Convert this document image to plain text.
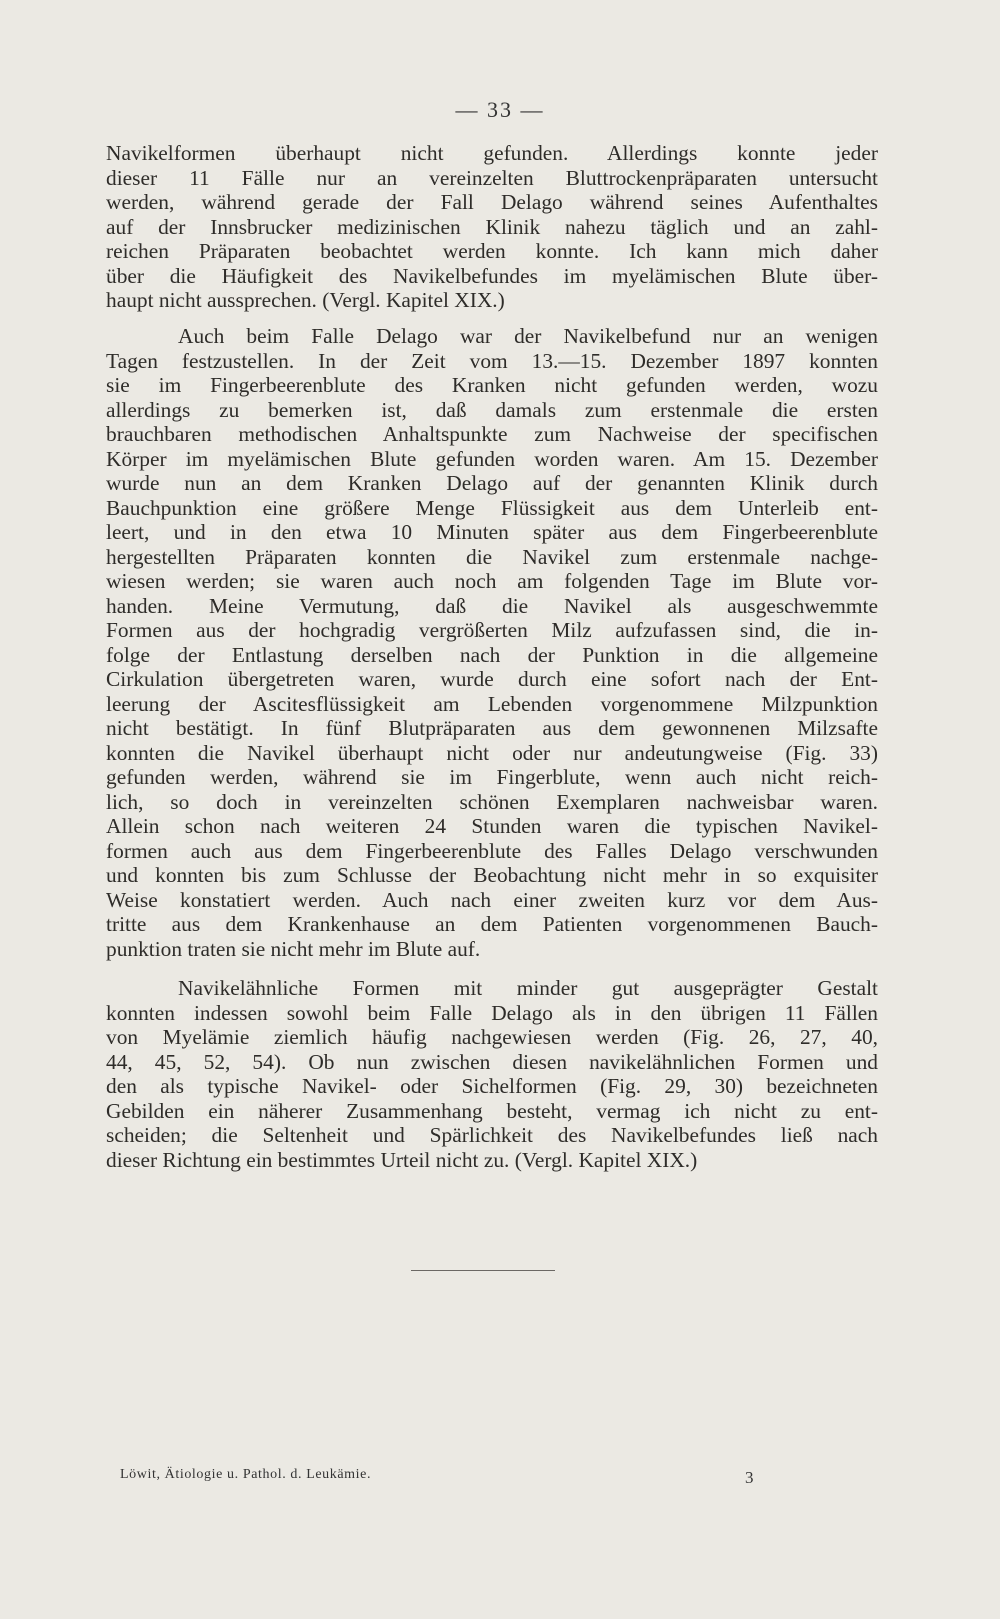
— 33 —
Navikelformen überhaupt nicht gefunden. Allerdings konnte jeder
dieser 11 Fälle nur an vereinzelten Bluttrockenpräparaten untersucht
werden, während gerade der Fall Delago während seines Aufenthaltes
auf der Innsbrucker medizinischen Klinik nahezu täglich und an zahl-
reichen Präparaten beobachtet werden konnte. Ich kann mich daher
über die Häufigkeit des Navikelbefundes im myelämischen Blute über-
haupt nicht aussprechen. (Vergl. Kapitel XIX.)
Auch beim Falle Delago war der Navikelbefund nur an wenigen
Tagen festzustellen. In der Zeit vom 13.—15. Dezember 1897 konnten
sie im Fingerbeerenblute des Kranken nicht gefunden werden, wozu
allerdings zu bemerken ist, daß damals zum erstenmale die ersten
brauchbaren methodischen Anhaltspunkte zum Nachweise der specifischen
Körper im myelämischen Blute gefunden worden waren. Am 15. Dezember
wurde nun an dem Kranken Delago auf der genannten Klinik durch
Bauchpunktion eine größere Menge Flüssigkeit aus dem Unterleib ent-
leert, und in den etwa 10 Minuten später aus dem Fingerbeerenblute
hergestellten Präparaten konnten die Navikel zum erstenmale nachge-
wiesen werden; sie waren auch noch am folgenden Tage im Blute vor-
handen. Meine Vermutung, daß die Navikel als ausgeschwemmte
Formen aus der hochgradig vergrößerten Milz aufzufassen sind, die in-
folge der Entlastung derselben nach der Punktion in die allgemeine
Cirkulation übergetreten waren, wurde durch eine sofort nach der Ent-
leerung der Ascitesflüssigkeit am Lebenden vorgenommene Milzpunktion
nicht bestätigt. In fünf Blutpräparaten aus dem gewonnenen Milzsafte
konnten die Navikel überhaupt nicht oder nur andeutungweise (Fig. 33)
gefunden werden, während sie im Fingerblute, wenn auch nicht reich-
lich, so doch in vereinzelten schönen Exemplaren nachweisbar waren.
Allein schon nach weiteren 24 Stunden waren die typischen Navikel-
formen auch aus dem Fingerbeerenblute des Falles Delago verschwunden
und konnten bis zum Schlusse der Beobachtung nicht mehr in so exquisiter
Weise konstatiert werden. Auch nach einer zweiten kurz vor dem Aus-
tritte aus dem Krankenhause an dem Patienten vorgenommenen Bauch-
punktion traten sie nicht mehr im Blute auf.
Navikelähnliche Formen mit minder gut ausgeprägter Gestalt
konnten indessen sowohl beim Falle Delago als in den übrigen 11 Fällen
von Myelämie ziemlich häufig nachgewiesen werden (Fig. 26, 27, 40,
44, 45, 52, 54). Ob nun zwischen diesen navikelähnlichen Formen und
den als typische Navikel- oder Sichelformen (Fig. 29, 30) bezeichneten
Gebilden ein näherer Zusammenhang besteht, vermag ich nicht zu ent-
scheiden; die Seltenheit und Spärlichkeit des Navikelbefundes ließ nach
dieser Richtung ein bestimmtes Urteil nicht zu. (Vergl. Kapitel XIX.)
Löwit, Ätiologie u. Pathol. d. Leukämie.	3
